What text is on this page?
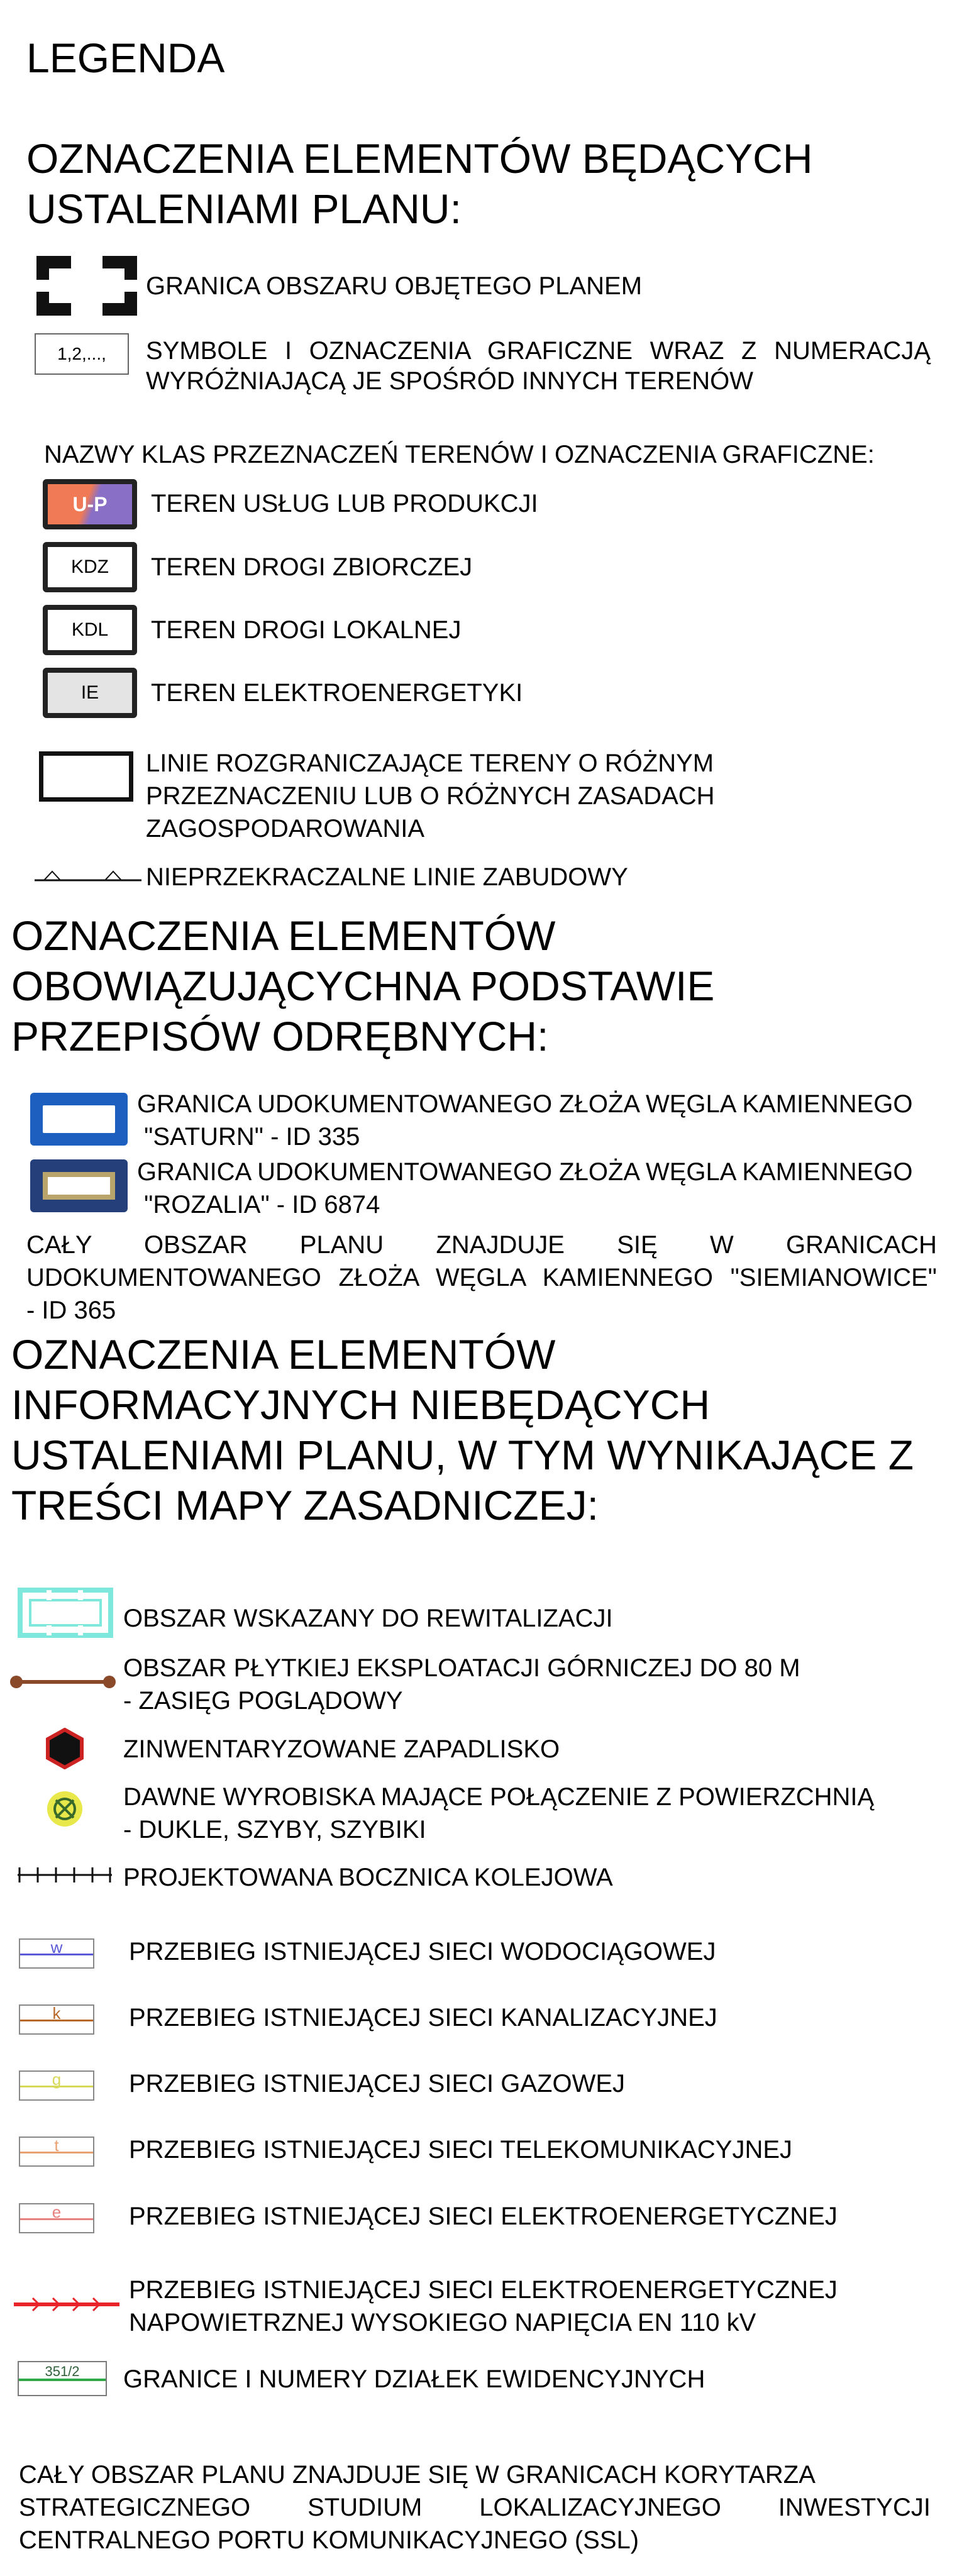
LEGENDA
OZNACZENIA ELEMENTÓW BĘDĄCYCH
USTALENIAMI PLANU:
GRANICA OBSZARU OBJĘTEGO PLANEM
1,2,...,	SYMBOLE I OZNACZENIA GRAFICZNE WRAZ Z NUMERACJĄ
WYRÓŻNIAJĄCĄ JE SPOŚRÓD INNYCH TERENÓW
NAZWY KLAS PRZEZNACZEŃ TERENÓW I OZNACZENIA GRAFICZNE:
U-P	TEREN USŁUG LUB PRODUKCJI
KDZ	TEREN DROGI ZBIORCZEJ
KDL	TEREN DROGI LOKALNEJ
IE	TEREN ELEKTROENERGETYKI
LINIE ROZGRANICZAJĄCE TERENY O RÓŻNYM
PRZEZNACZENIU LUB O RÓŻNYCH ZASADACH
ZAGOSPODAROWANIA
NIEPRZEKRACZALNE LINIE ZABUDOWY
OZNACZENIA ELEMENTÓW
OBOWIĄZUJĄCYCHNA PODSTAWIE
PRZEPISÓW ODRĘBNYCH:
GRANICA UDOKUMENTOWANEGO ZŁOŻA WĘGLA KAMIENNEGO
"SATURN" - ID 335
GRANICA UDOKUMENTOWANEGO ZŁOŻA WĘGLA KAMIENNEGO
"ROZALIA" - ID 6874
CAŁY OBSZAR PLANU ZNAJDUJE SIĘ W GRANICACH
UDOKUMENTOWANEGO ZŁOŻA WĘGLA KAMIENNEGO "SIEMIANOWICE"
- ID 365
OZNACZENIA ELEMENTÓW
INFORMACYJNYCH NIEBĘDĄCYCH
USTALENIAMI PLANU, W TYM WYNIKAJĄCE Z
TREŚCI MAPY ZASADNICZEJ:
OBSZAR WSKAZANY DO REWITALIZACJI
OBSZAR PŁYTKIEJ EKSPLOATACJI GÓRNICZEJ DO 80 M
- ZASIĘG POGLĄDOWY
ZINWENTARYZOWANE ZAPADLISKO
DAWNE WYROBISKA MAJĄCE POŁĄCZENIE Z POWIERZCHNIĄ
- DUKLE, SZYBY, SZYBIKI
PROJEKTOWANA BOCZNICA KOLEJOWA
w	PRZEBIEG ISTNIEJĄCEJ SIECI WODOCIĄGOWEJ
k	PRZEBIEG ISTNIEJĄCEJ SIECI KANALIZACYJNEJ
g	PRZEBIEG ISTNIEJĄCEJ SIECI GAZOWEJ
t	PRZEBIEG ISTNIEJĄCEJ SIECI TELEKOMUNIKACYJNEJ
e	PRZEBIEG ISTNIEJĄCEJ SIECI ELEKTROENERGETYCZNEJ
PRZEBIEG ISTNIEJĄCEJ SIECI ELEKTROENERGETYCZNEJ
NAPOWIETRZNEJ WYSOKIEGO NAPIĘCIA EN 110 kV
351/2	GRANICE I NUMERY DZIAŁEK EWIDENCYJNYCH
CAŁY OBSZAR PLANU ZNAJDUJE SIĘ W GRANICACH KORYTARZA
STRATEGICZNEGO STUDIUM LOKALIZACYJNEGO INWESTYCJI
CENTRALNEGO PORTU KOMUNIKACYJNEGO (SSL)
